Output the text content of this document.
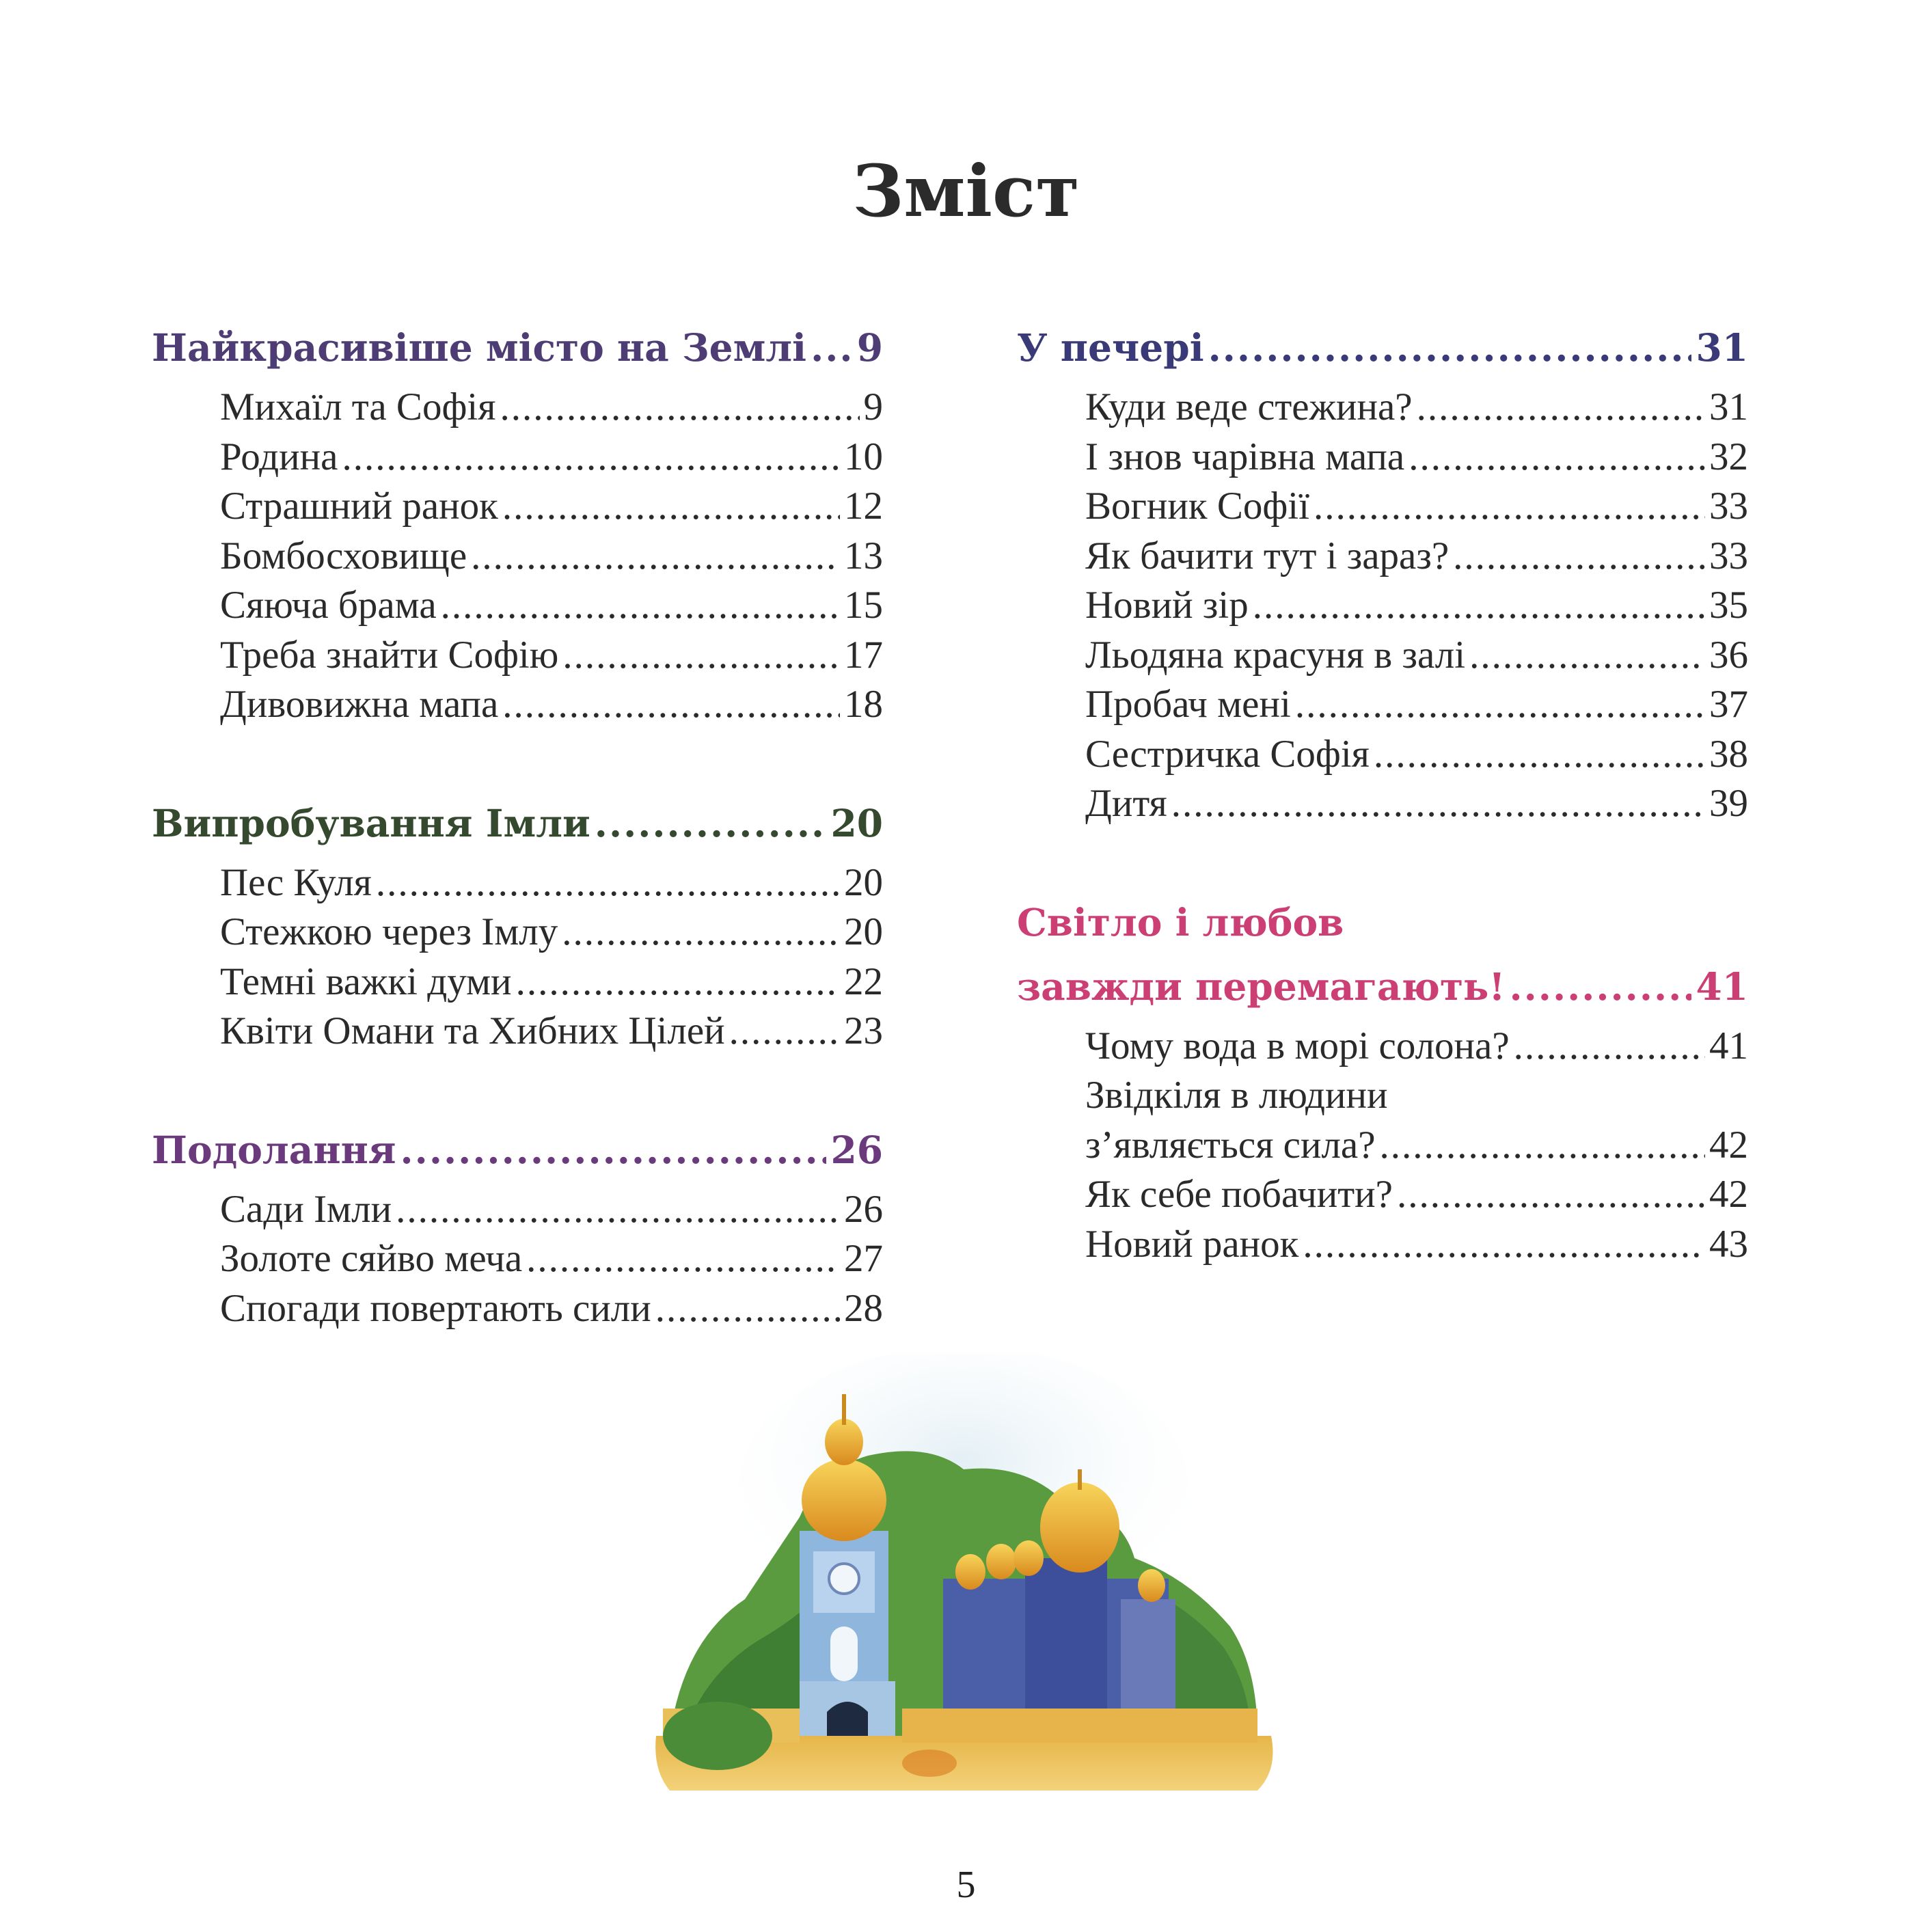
Зміст
Найкрасивіше місто на Землі ..... 9
Михаїл та Софія .....	9
Родина .....	10
Страшний ранок .....	12
Бомбосховище .....	13
Сяюча брама .....	15
Треба знайти Софію .....	17
Дивовижна мапа .....	18
Випробування Імли .....	20
Пес Куля .....	20
Стежкою через Імлу .....	20
Темні важкі думи .....	22
Квіти Омани та Хибних Цілей .....	23
Подолання .....	26
Сади Імли .....	26
Золоте сяйво меча .....	27
Спогади повертають сили .....	28
У печері .....	31
Куди веде стежина? .....	31
І знов чарівна мапа .....	32
Вогник Софії .....	33
Як бачити тут і зараз? .....	33
Новий зір .....	35
Льодяна красуня в залі .....	36
Пробач мені .....	37
Сестричка Софія .....	38
Дитя .....	39
Світло і любов
завжди перемагають! .....	41
Чому вода в морі солона? .....	41
Звідкіля в людини
з’являється сила? .....	42
Як себе побачити? .....	42
Новий ранок .....	43
5
